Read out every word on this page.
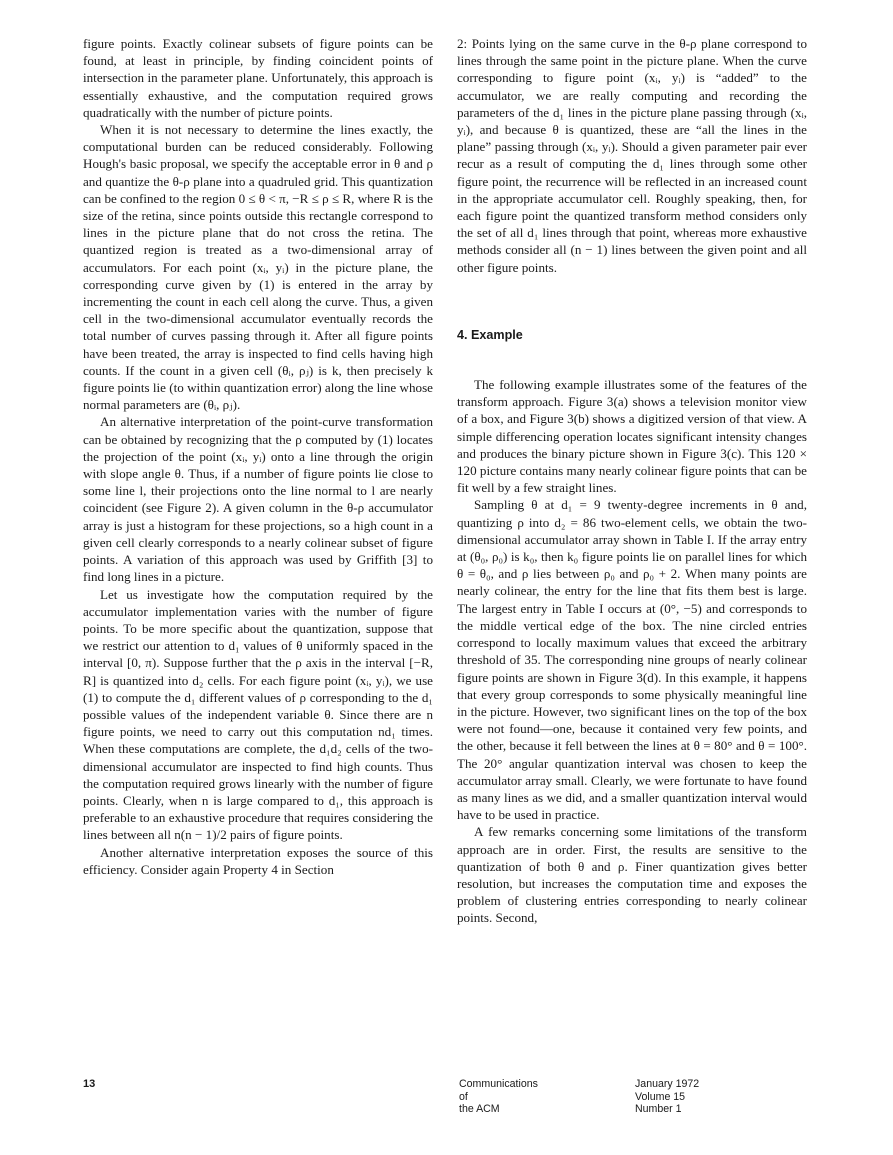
figure points. Exactly colinear subsets of figure points can be found, at least in principle, by finding coincident points of intersection in the parameter plane. Unfortunately, this approach is essentially exhaustive, and the computation required grows quadratically with the number of picture points.

When it is not necessary to determine the lines exactly, the computational burden can be reduced considerably. Following Hough's basic proposal, we specify the acceptable error in θ and ρ and quantize the θ-ρ plane into a quadruled grid. This quantization can be confined to the region 0 ≤ θ < π, −R ≤ ρ ≤ R, where R is the size of the retina, since points outside this rectangle correspond to lines in the picture plane that do not cross the retina. The quantized region is treated as a two-dimensional array of accumulators. For each point (xᵢ, yᵢ) in the picture plane, the corresponding curve given by (1) is entered in the array by incrementing the count in each cell along the curve. Thus, a given cell in the two-dimensional accumulator eventually records the total number of curves passing through it. After all figure points have been treated, the array is inspected to find cells having high counts. If the count in a given cell (θᵢ, ρⱼ) is k, then precisely k figure points lie (to within quantization error) along the line whose normal parameters are (θᵢ, ρⱼ).

An alternative interpretation of the point-curve transformation can be obtained by recognizing that the ρ computed by (1) locates the projection of the point (xᵢ, yᵢ) onto a line through the origin with slope angle θ. Thus, if a number of figure points lie close to some line l, their projections onto the line normal to l are nearly coincident (see Figure 2). A given column in the θ-ρ accumulator array is just a histogram for these projections, so a high count in a given cell clearly corresponds to a nearly colinear subset of figure points. A variation of this approach was used by Griffith [3] to find long lines in a picture.

Let us investigate how the computation required by the accumulator implementation varies with the number of figure points. To be more specific about the quantization, suppose that we restrict our attention to d₁ values of θ uniformly spaced in the interval [0, π). Suppose further that the ρ axis in the interval [−R, R] is quantized into d₂ cells. For each figure point (xᵢ, yᵢ), we use (1) to compute the d₁ different values of ρ corresponding to the d₁ possible values of the independent variable θ. Since there are n figure points, we need to carry out this computation nd₁ times. When these computations are complete, the d₁d₂ cells of the two-dimensional accumulator are inspected to find high counts. Thus the computation required grows linearly with the number of figure points. Clearly, when n is large compared to d₁, this approach is preferable to an exhaustive procedure that requires considering the lines between all n(n − 1)/2 pairs of figure points.

Another alternative interpretation exposes the source of this efficiency. Consider again Property 4 in Section

2: Points lying on the same curve in the θ-ρ plane correspond to lines through the same point in the picture plane. When the curve corresponding to figure point (xᵢ, yᵢ) is “added” to the accumulator, we are really computing and recording the parameters of the d₁ lines in the picture plane passing through (xᵢ, yᵢ), and because θ is quantized, these are “all the lines in the plane” passing through (xᵢ, yᵢ). Should a given parameter pair ever recur as a result of computing the d₁ lines through some other figure point, the recurrence will be reflected in an increased count in the appropriate accumulator cell. Roughly speaking, then, for each figure point the quantized transform method considers only the set of all d₁ lines through that point, whereas more exhaustive methods consider all (n − 1) lines between the given point and all other figure points.

4. Example

The following example illustrates some of the features of the transform approach. Figure 3(a) shows a television monitor view of a box, and Figure 3(b) shows a digitized version of that view. A simple differencing operation locates significant intensity changes and produces the binary picture shown in Figure 3(c). This 120 × 120 picture contains many nearly colinear figure points that can be fit well by a few straight lines.

Sampling θ at d₁ = 9 twenty-degree increments in θ and, quantizing ρ into d₂ = 86 two-element cells, we obtain the two-dimensional accumulator array shown in Table I. If the array entry at (θ₀, ρ₀) is k₀, then k₀ figure points lie on parallel lines for which θ = θ₀, and ρ lies between ρ₀ and ρ₀ + 2. When many points are nearly colinear, the entry for the line that fits them best is large. The largest entry in Table I occurs at (0°, −5) and corresponds to the middle vertical edge of the box. The nine circled entries correspond to locally maximum values that exceed the arbitrary threshold of 35. The corresponding nine groups of nearly colinear figure points are shown in Figure 3(d). In this example, it happens that every group corresponds to some physically meaningful line in the picture. However, two significant lines on the top of the box were not found—one, because it contained very few points, and the other, because it fell between the lines at θ = 80° and θ = 100°. The 20° angular quantization interval was chosen to keep the accumulator array small. Clearly, we were fortunate to have found as many lines as we did, and a smaller quantization interval would have to be used in practice.

A few remarks concerning some limitations of the transform approach are in order. First, the results are sensitive to the quantization of both θ and ρ. Finer quantization gives better resolution, but increases the computation time and exposes the problem of clustering entries corresponding to nearly colinear points. Second,

13	Communications
of
the ACM
January 1972
Volume 15
Number 1
